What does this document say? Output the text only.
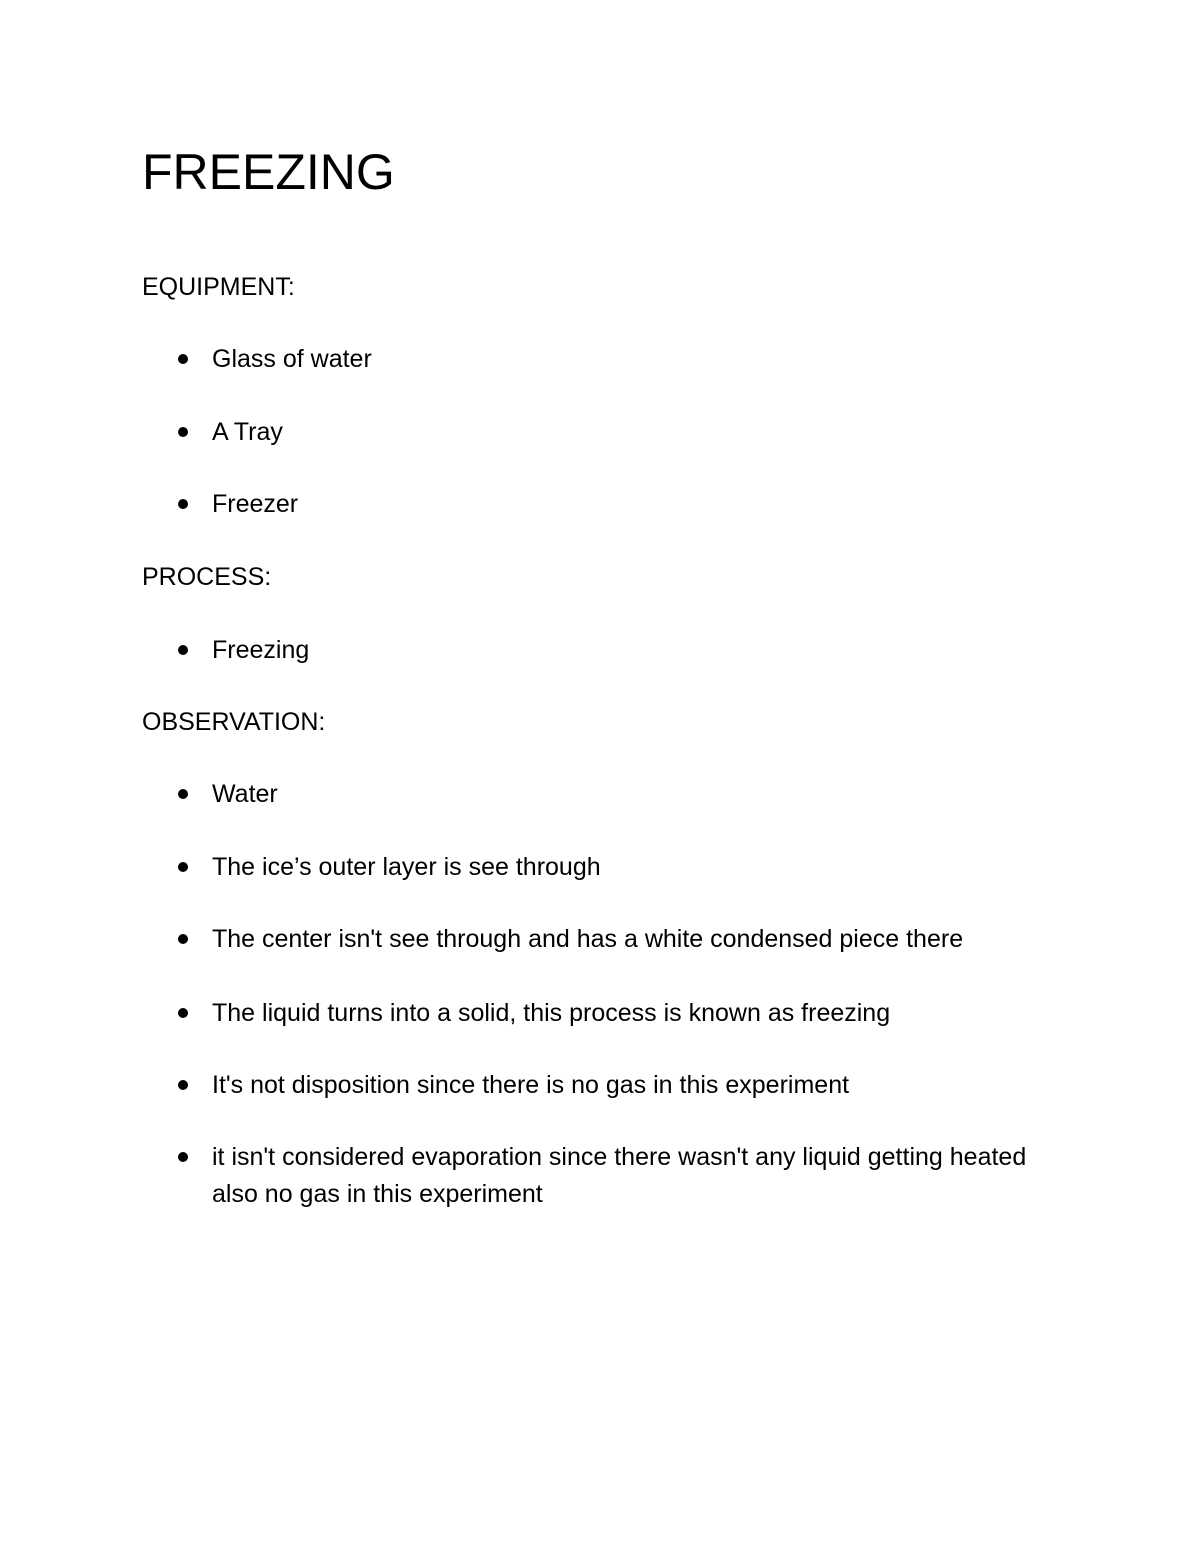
FREEZING

EQUIPMENT:

Glass of water
A Tray
Freezer

PROCESS:

Freezing

OBSERVATION:

Water
The ice’s outer layer is see through
The center isn't see through and has a white condensed piece there
The liquid turns into a solid, this process is known as freezing
It's not disposition since there is no gas in this experiment
it isn't considered evaporation since there wasn't any liquid getting heated also no gas in this experiment
